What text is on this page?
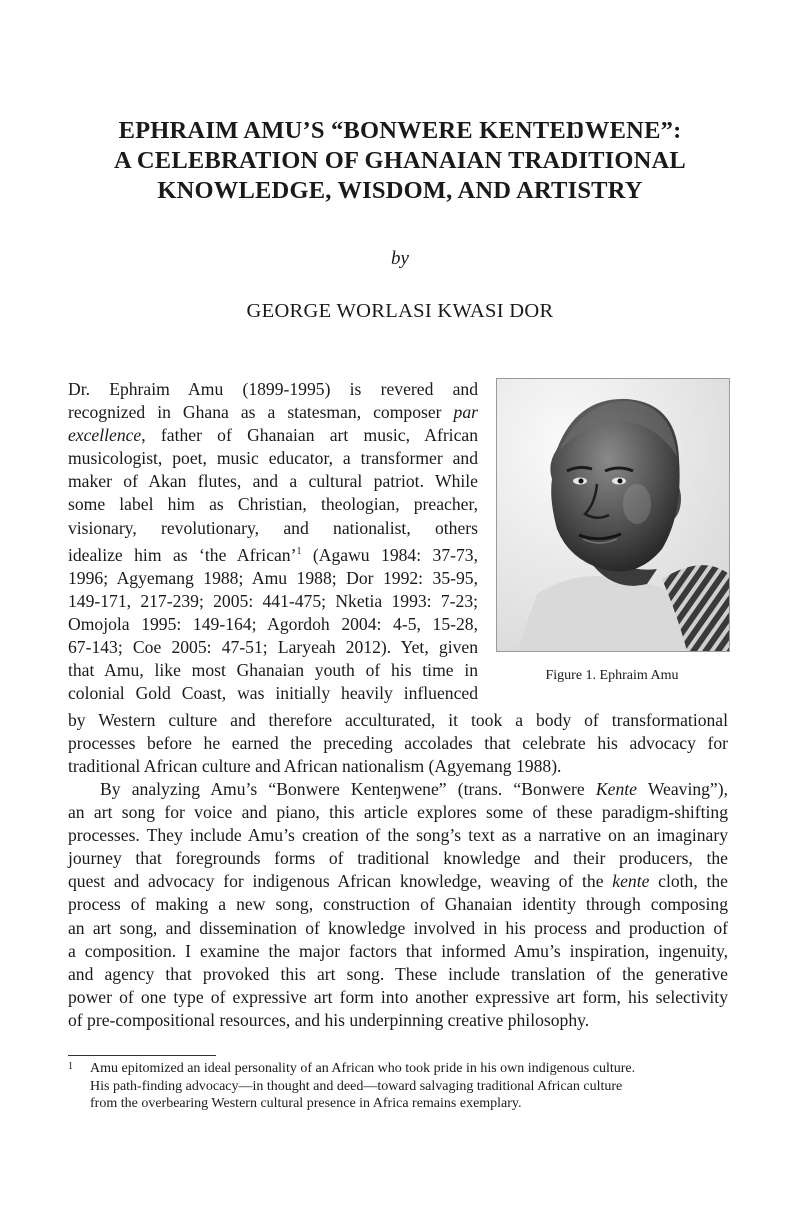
EPHRAIM AMU’S “BONWERE KENTEŊWENE”:
A CELEBRATION OF GHANAIAN TRADITIONAL
KNOWLEDGE, WISDOM, AND ARTISTRY
by
GEORGE WORLASI KWASI DOR
Figure 1. Ephraim Amu
Dr. Ephraim Amu (1899-1995) is revered and
recognized in Ghana as a statesman, composer par
excellence, father of Ghanaian art music, African
musicologist, poet, music educator, a transformer and
maker of Akan flutes, and a cultural patriot. While
some label him as Christian, theologian, preacher,
visionary, revolutionary, and nationalist, others
idealize him as ‘the African’$^1$ (Agawu 1984: 37-73,
1996; Agyemang 1988; Amu 1988; Dor 1992: 35-95,
149-171, 217-239; 2005: 441-475; Nketia 1993: 7-23;
Omojola 1995: 149-164; Agordoh 2004: 4-5, 15-28,
67-143; Coe 2005: 47-51; Laryeah 2012). Yet, given
that Amu, like most Ghanaian youth of his time in
colonial Gold Coast, was initially heavily influenced
by Western culture and therefore acculturated, it took a body of transformational
processes before he earned the preceding accolades that celebrate his advocacy for
traditional African culture and African nationalism (Agyemang 1988).
By analyzing Amu’s “Bonwere Kenteŋwene” (trans. “Bonwere Kente Weaving”),
an art song for voice and piano, this article explores some of these paradigm-shifting
processes. They include Amu’s creation of the song’s text as a narrative on an imaginary
journey that foregrounds forms of traditional knowledge and their producers, the
quest and advocacy for indigenous African knowledge, weaving of the kente cloth, the
process of making a new song, construction of Ghanaian identity through composing
an art song, and dissemination of knowledge involved in his process and production of
a composition. I examine the major factors that informed Amu’s inspiration, ingenuity,
and agency that provoked this art song. These include translation of the generative
power of one type of expressive art form into another expressive art form, his selectivity
of pre-compositional resources, and his underpinning creative philosophy.
1 Amu epitomized an ideal personality of an African who took pride in his own indigenous culture.
His path-finding advocacy—in thought and deed—toward salvaging traditional African culture
from the overbearing Western cultural presence in Africa remains exemplary.
